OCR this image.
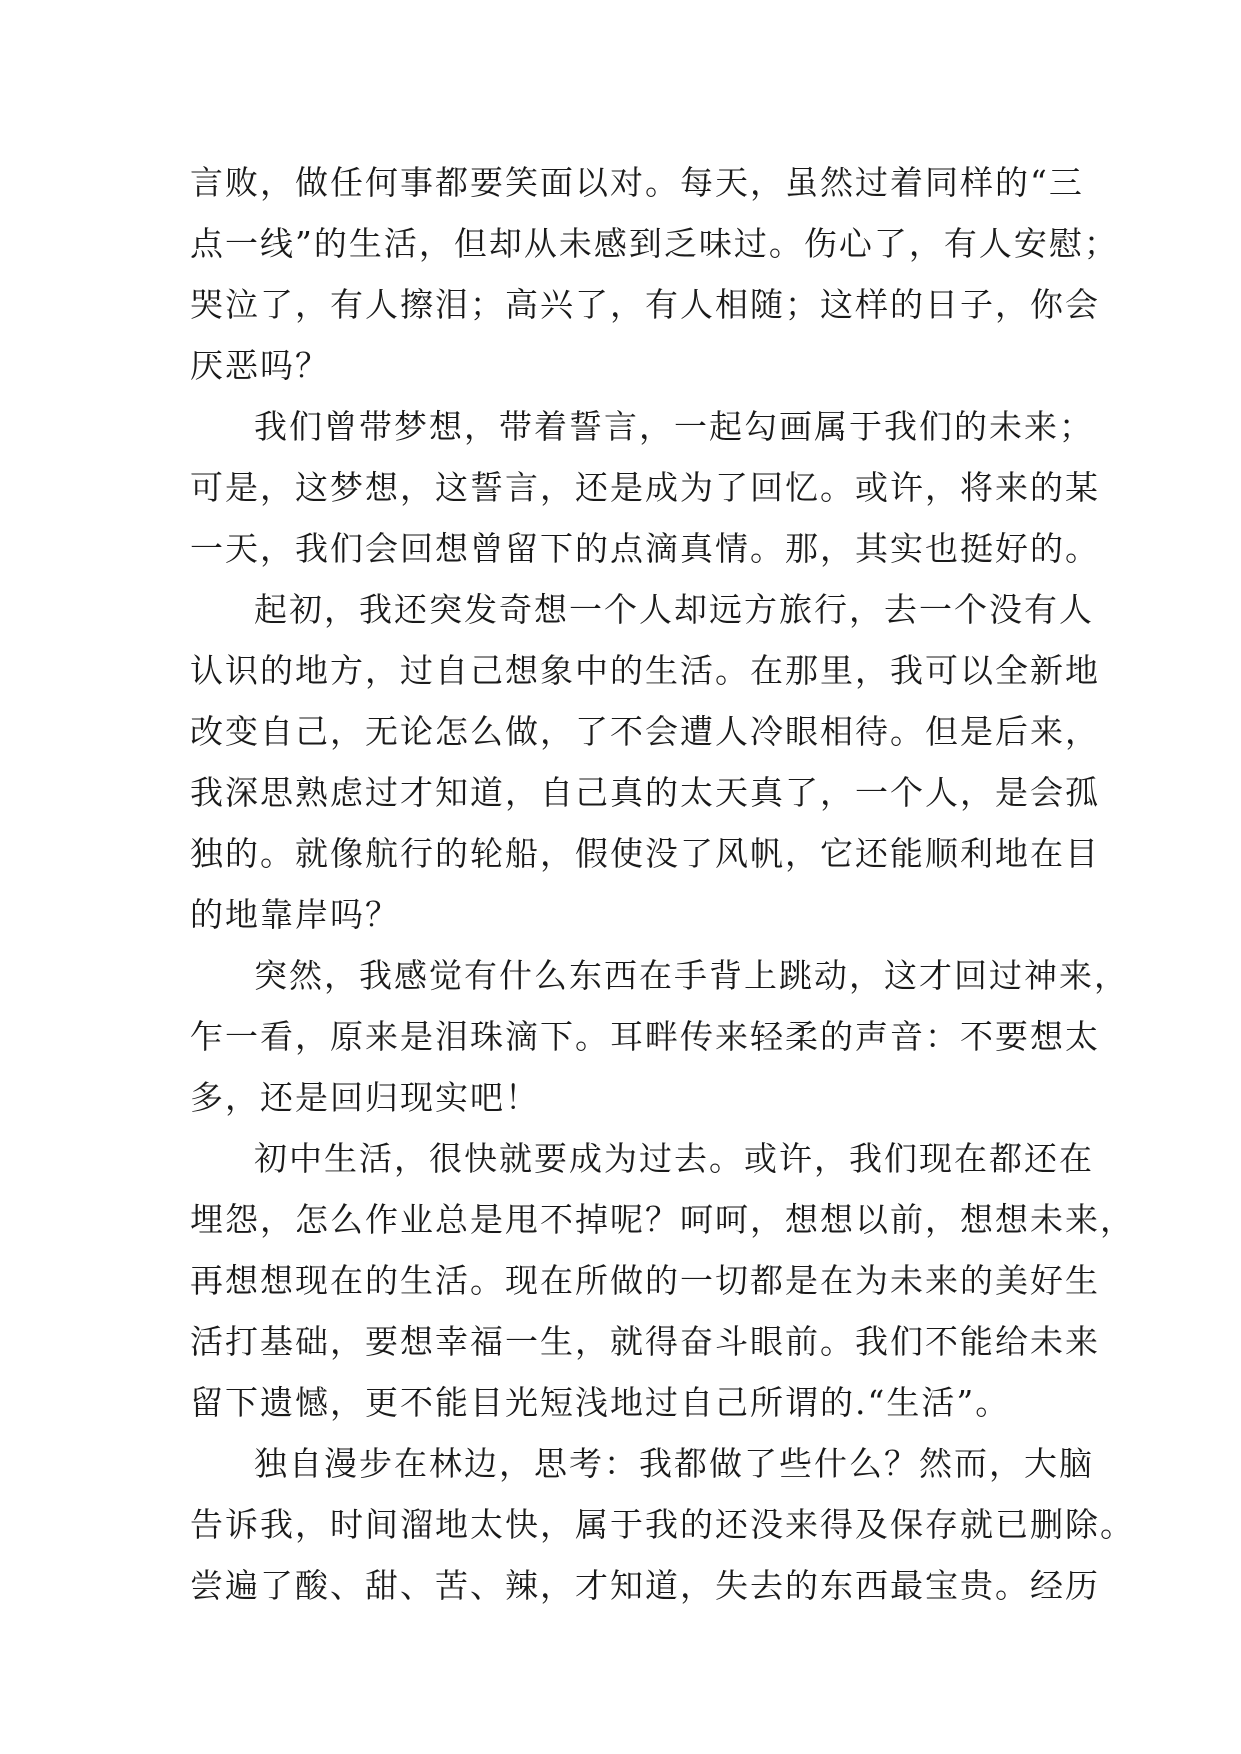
言败，做任何事都要笑面以对。每天，虽然过着同样的“三
点一线”的生活，但却从未感到乏味过。伤心了，有人安慰；
哭泣了，有人擦泪；高兴了，有人相随；这样的日子，你会
厌恶吗？
我们曾带梦想，带着誓言，一起勾画属于我们的未来；
可是，这梦想，这誓言，还是成为了回忆。或许，将来的某
一天，我们会回想曾留下的点滴真情。那，其实也挺好的。
起初，我还突发奇想一个人却远方旅行，去一个没有人
认识的地方，过自己想象中的生活。在那里，我可以全新地
改变自己，无论怎么做，了不会遭人冷眼相待。但是后来，
我深思熟虑过才知道，自己真的太天真了，一个人，是会孤
独的。就像航行的轮船，假使没了风帆，它还能顺利地在目
的地靠岸吗？
突然，我感觉有什么东西在手背上跳动，这才回过神来，
乍一看，原来是泪珠滴下。耳畔传来轻柔的声音：不要想太
多，还是回归现实吧！
初中生活，很快就要成为过去。或许，我们现在都还在
埋怨，怎么作业总是甩不掉呢？呵呵，想想以前，想想未来，
再想想现在的生活。现在所做的一切都是在为未来的美好生
活打基础，要想幸福一生，就得奋斗眼前。我们不能给未来
留下遗憾，更不能目光短浅地过自己所谓的.“生活”。
独自漫步在林边，思考：我都做了些什么？然而，大脑
告诉我，时间溜地太快，属于我的还没来得及保存就已删除。
尝遍了酸、甜、苦、辣，才知道，失去的东西最宝贵。经历
